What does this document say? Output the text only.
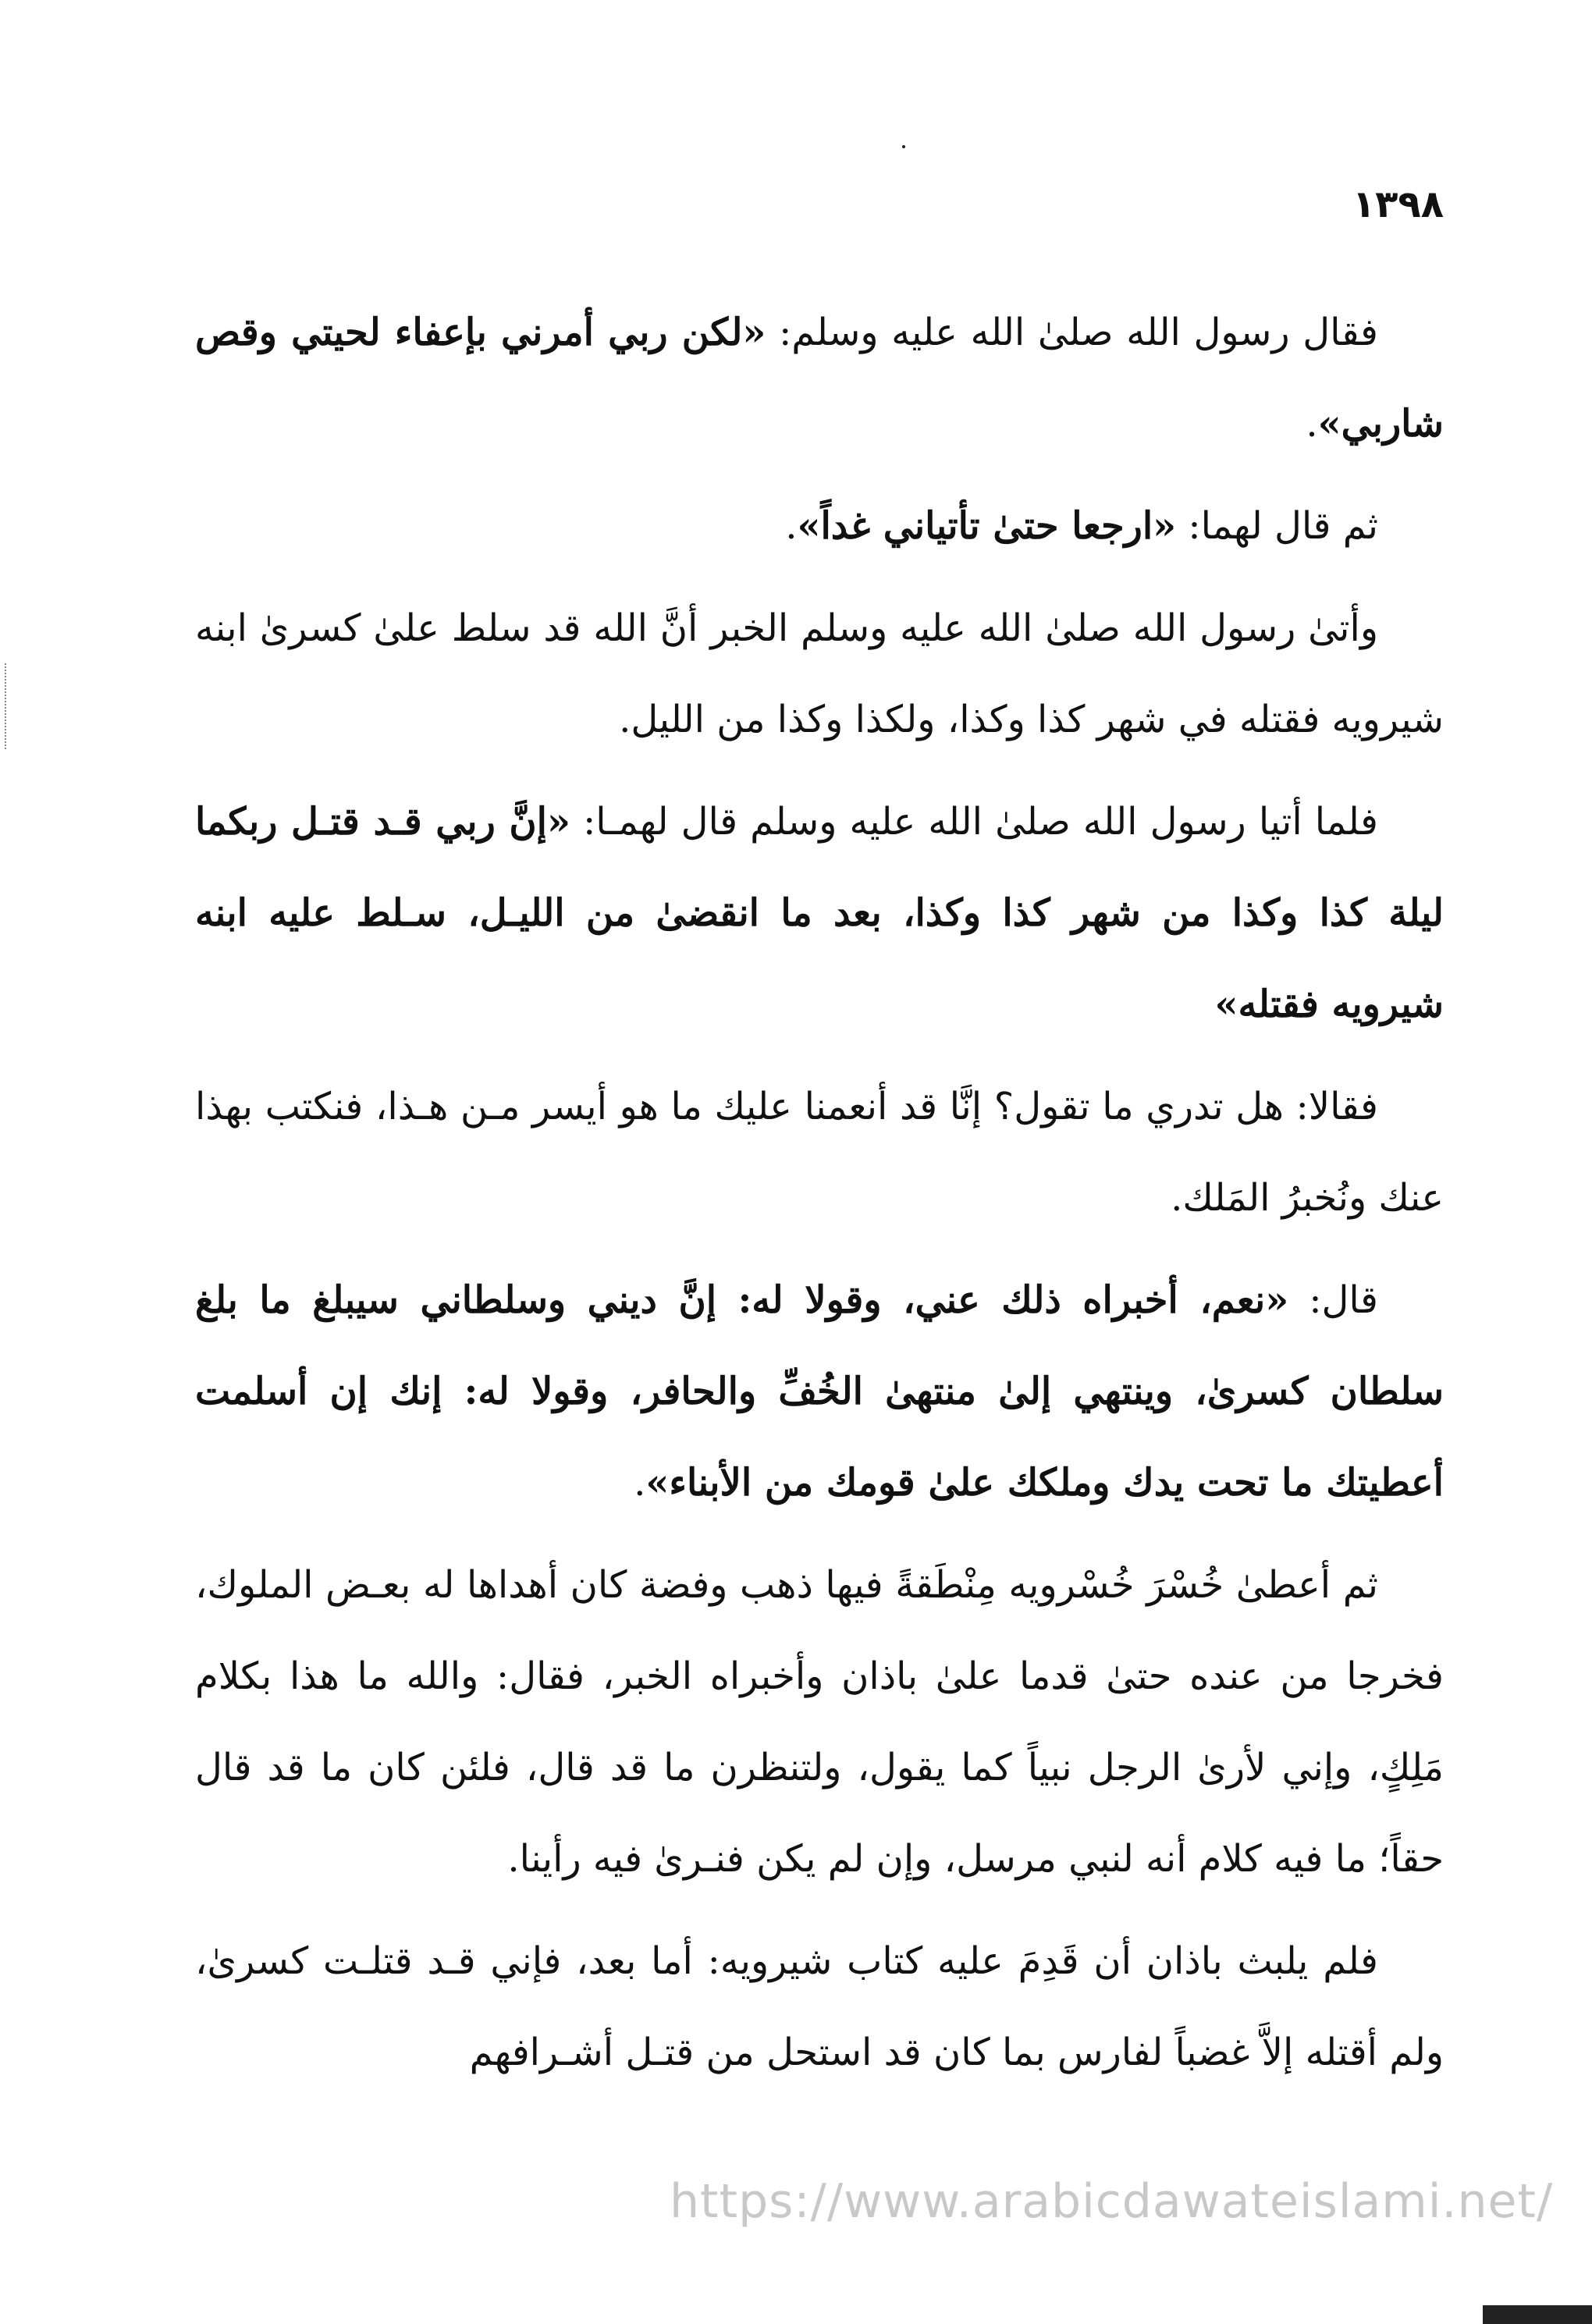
١٣٩٨

فقال رسول الله صلىٰ الله عليه وسلم: «لكن ربي أمرني بإعفاء لحيتي وقص شاربي».

ثم قال لهما: «ارجعا حتىٰ تأتياني غداً».

وأتىٰ رسول الله صلىٰ الله عليه وسلم الخبر أنَّ الله قد سلط علىٰ كسرىٰ ابنه شيرويه فقتله في شهر كذا وكذا، ولكذا وكذا من الليل.

فلما أتيا رسول الله صلىٰ الله عليه وسلم قال لهمـا: «إنَّ ربي قـد قتـل ربكما ليلة كذا وكذا من شهر كذا وكذا، بعد ما انقضىٰ من الليـل، سـلط عليه ابنه شيرويه فقتله»

فقالا: هل تدري ما تقول؟ إنَّا قد أنعمنا عليك ما هو أيسر مـن هـذا، فنكتب بهذا عنك ونُخبرُ المَلك.

قال: «نعم، أخبراه ذلك عني، وقولا له: إنَّ ديني وسلطاني سيبلغ ما بلغ سلطان كسرىٰ، وينتهي إلىٰ منتهىٰ الخُفِّ والحافر، وقولا له: إنك إن أسلمت أعطيتك ما تحت يدك وملكك علىٰ قومك من الأبناء».

ثم أعطىٰ خُسْرَ خُسْرويه مِنْطَقةً فيها ذهب وفضة كان أهداها له بعـض الملوك، فخرجا من عنده حتىٰ قدما علىٰ باذان وأخبراه الخبر، فقال: والله ما هذا بكلام مَلِكٍ، وإني لأرىٰ الرجل نبياً كما يقول، ولتنظرن ما قد قال، فلئن كان ما قد قال حقاً؛ ما فيه كلام أنه لنبي مرسل، وإن لم يكن فنـرىٰ فيه رأينا.

فلم يلبث باذان أن قَدِمَ عليه كتاب شيرويه: أما بعد، فإني قـد قتلـت كسرىٰ، ولم أقتله إلاَّ غضباً لفارس بما كان قد استحل من قتـل أشـرافهم

https://www.arabicdawateislami.net/
